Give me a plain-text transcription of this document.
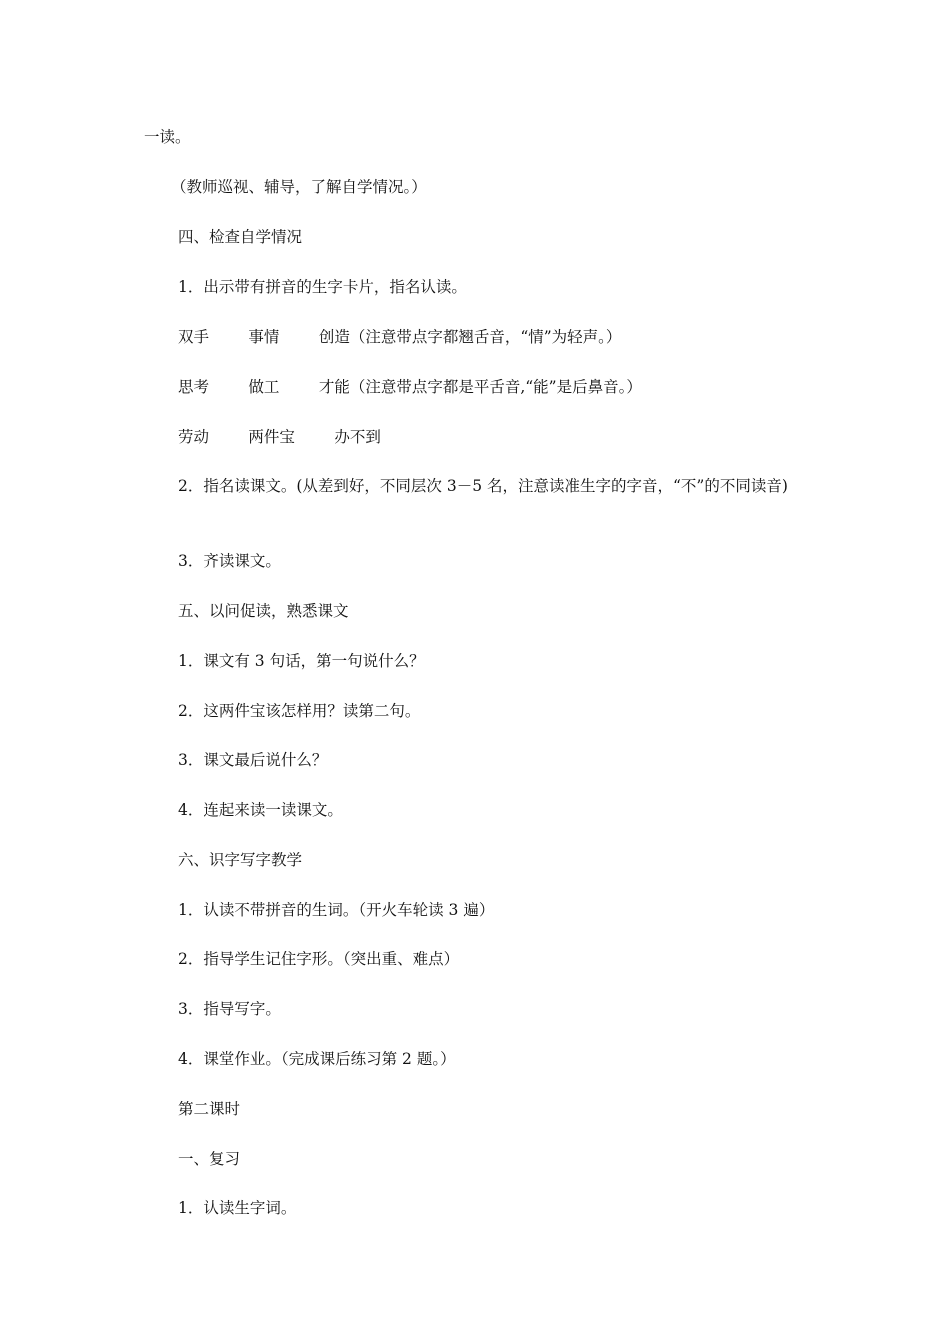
一读。
（教师巡视、辅导，了解自学情况。）
四、检查自学情况
1．出示带有拼音的生字卡片，指名认读。
双手        事情        创造（注意带点字都翘舌音，“情”为轻声。）
思考        做工        才能（注意带点字都是平舌音,“能”是后鼻音。）
劳动        两件宝        办不到
2．指名读课文。(从差到好，不同层次 3－5 名，注意读准生字的字音，“不”的不同读音)
3．齐读课文。
五、以问促读，熟悉课文
1．课文有 3 句话，第一句说什么？
2．这两件宝该怎样用？读第二句。
3．课文最后说什么？
4．连起来读一读课文。
六、识字写字教学
1．认读不带拼音的生词。（开火车轮读 3 遍）
2．指导学生记住字形。（突出重、难点）
3．指导写字。
4．课堂作业。（完成课后练习第 2 题。）
第二课时
一、复习
1．认读生字词。
